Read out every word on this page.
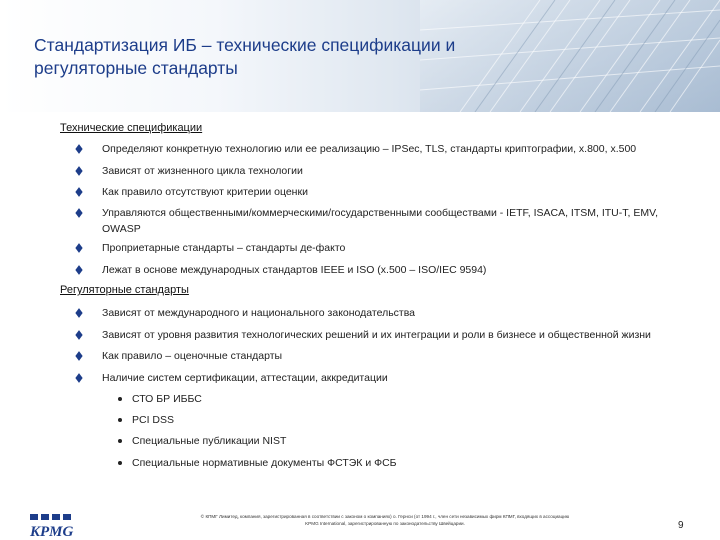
Стандартизация ИБ – технические спецификации и регуляторные стандарты
Технические спецификации
Определяют конкретную технологию или ее реализацию – IPSec, TLS, стандарты криптографии, x.800, x.500
Зависят от жизненного цикла технологии
Как правило отсутствуют критерии оценки
Управляются общественными/коммерческими/государственными сообществами - IETF, ISACA, ITSM, ITU-T, EMV, OWASP
Проприетарные стандарты – стандарты де-факто
Лежат в основе международных стандартов IEEE и ISO (x.500 – ISO/IEC 9594)
Регуляторные стандарты
Зависят от международного и национального законодательства
Зависят от уровня развития технологических решений и их интеграции и роли в бизнесе и общественной жизни
Как правило – оценочные стандарты
Наличие систем сертификации, аттестации, аккредитации
СТО БР ИББС
PCI DSS
Специальные публикации NIST
Специальные нормативные документы ФСТЭК и ФСБ
KPMG
© КПМГ Лимитед, компания, зарегистрированная в соответствии с законом о компаниях) о. Гернси (от 1994 г., член сети независимых фирм КПМГ, входящих в ассоциацию
KPMG International, зарегистрированную по законодательству Швейцарии.	9
